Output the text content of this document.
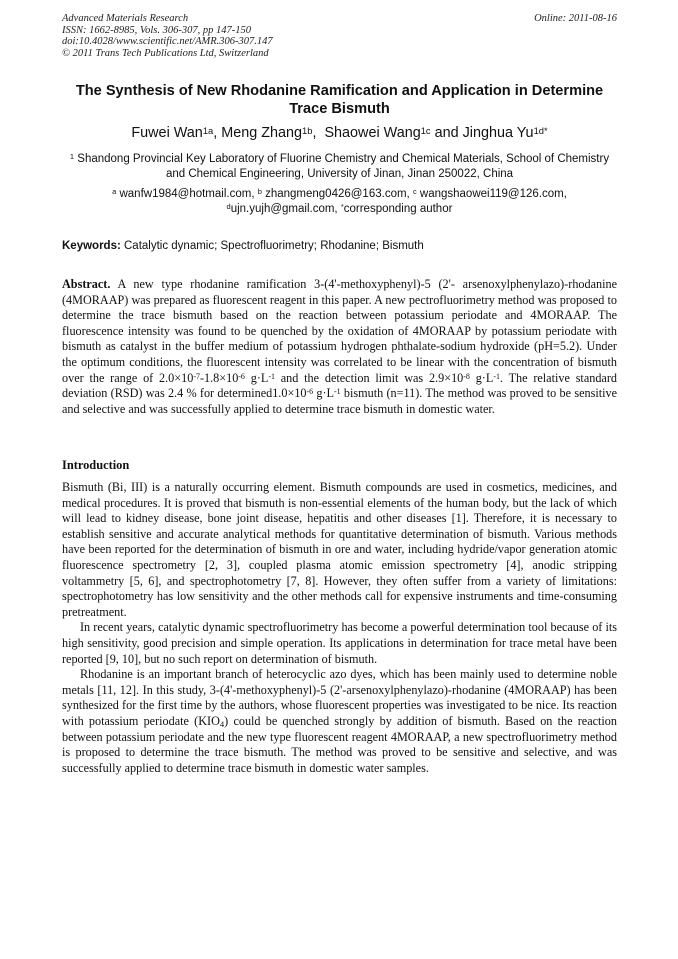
Advanced Materials Research
ISSN: 1662-8985, Vols. 306-307, pp 147-150
doi:10.4028/www.scientific.net/AMR.306-307.147
© 2011 Trans Tech Publications Ltd, Switzerland
Online: 2011-08-16
The Synthesis of New Rhodanine Ramification and Application in Determine Trace Bismuth
Fuwei Wan$^{1a}$, Meng Zhang$^{1b}$,  Shaowei Wang$^{1c}$ and Jinghua $Yu^{1d*}$
$^1$ Shandong Provincial Key Laboratory of Fluorine Chemistry and Chemical Materials, School of Chemistry and Chemical Engineering, University of Jinan, Jinan 250022, China
$^a$ wanfw1984@hotmail.com, $^b$ zhangmeng0426@163.com, $^c$ wangshaowei119@126.com,
$^d$ujn.yujh@gmail.com, *corresponding author
Keywords: Catalytic dynamic; Spectrofluorimetry; Rhodanine; Bismuth
Abstract. A new type rhodanine ramification 3-(4'-methoxyphenyl)-5 (2'- arsenoxylphenylazo)-rhodanine (4MORAAP) was prepared as fluorescent reagent in this paper. A new pectrofluorimetry method was proposed to determine the trace bismuth based on the reaction between potassium periodate and 4MORAAP. The fluorescence intensity was found to be quenched by the oxidation of 4MORAAP by potassium periodate with bismuth as catalyst in the buffer medium of potassium hydrogen phthalate-sodium hydroxide (pH=5.2). Under the optimum conditions, the fluorescent intensity was correlated to be linear with the concentration of bismuth over the range of $2.0\times 10^{-7}-1.8\times 10^{-6}$ $g\cdot L^{-1}$ and the detection limit was $2.9\times 10^{-8}$ $g\cdot L^{-1}$. The relative standard deviation (RSD) was 2.4 % for $determined1.0\times 10^{-6}$ $g\cdot L^{-1}$ bismuth (n=11). The method was proved to be sensitive and selective and was successfully applied to determine trace bismuth in domestic water.
Introduction

Bismuth (Bi, III) is a naturally occurring element. Bismuth compounds are used in cosmetics, medicines, and medical procedures. It is proved that bismuth is non-essential elements of the human body, but the lack of which will lead to kidney disease, bone joint disease, hepatitis and other diseases [1]. Therefore, it is necessary to establish sensitive and accurate analytical methods for quantitative determination of bismuth. Various methods have been reported for the determination of bismuth in ore and water, including hydride/vapor generation atomic fluorescence spectrometry [2, 3], coupled plasma atomic emission spectrometry [4], anodic stripping voltammetry [5, 6], and spectrophotometry [7, 8]. However, they often suffer from a variety of limitations: spectrophotometry has low sensitivity and the other methods call for expensive instruments and time-consuming pretreatment.

In recent years, catalytic dynamic spectrofluorimetry has become a powerful determination tool because of its high sensitivity, good precision and simple operation. Its applications in determination for trace metal have been reported [9, 10], but no such report on determination of bismuth.

Rhodanine is an important branch of heterocyclic azo dyes, which has been mainly used to determine noble metals [11, 12]. In this study, 3-(4'-methoxyphenyl)-5 (2'-arsenoxylphenylazo)-rhodanine (4MORAAP) has been synthesized for the first time by the authors, whose fluorescent properties was investigated to be nice. Its reaction with potassium periodate $(KIO_4)$ could be quenched strongly by addition of bismuth. Based on the reaction between potassium periodate and the new type fluorescent reagent 4MORAAP, a new spectrofluorimetry method is proposed to determine the trace bismuth. The method was proved to be sensitive and selective, and was successfully applied to determine trace bismuth in domestic water samples.
